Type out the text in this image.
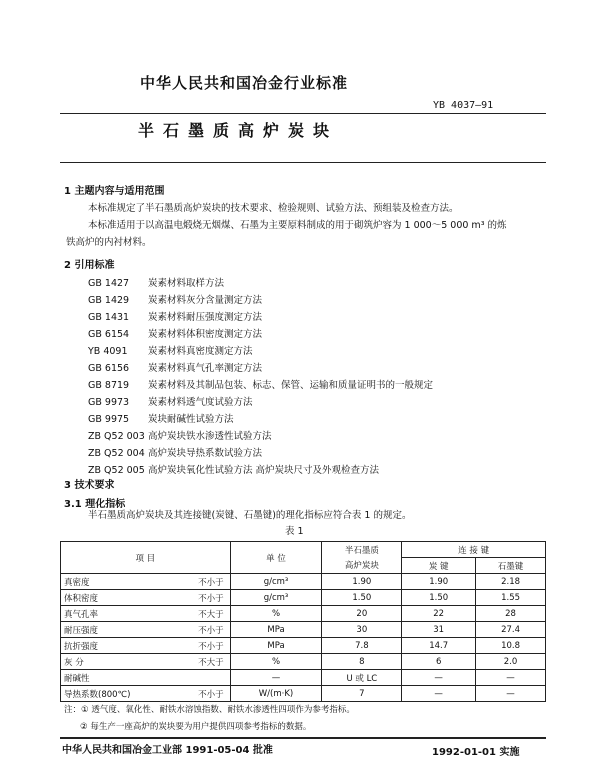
中华人民共和国冶金行业标准
YB 4037—91
半石墨质高炉炭块
1 主题内容与适用范围
本标准规定了半石墨质高炉炭块的技术要求、检验规则、试验方法、预组装及检查方法。
本标准适用于以高温电煅烧无烟煤、石墨为主要原料制成的用于砌筑炉容为 1 000～5 000 m³ 的炼
铁高炉的内衬材料。
2 引用标准
GB 1427 炭素材料取样方法
GB 1429 炭素材料灰分含量测定方法
GB 1431 炭素材料耐压强度测定方法
GB 6154 炭素材料体积密度测定方法
YB 4091 炭素材料真密度测定方法
GB 6156 炭素材料真气孔率测定方法
GB 8719 炭素材料及其制品包装、标志、保管、运输和质量证明书的一般规定
GB 9973 炭素材料透气度试验方法
GB 9975 炭块耐碱性试验方法
ZB Q52 003 高炉炭块铁水渗透性试验方法
ZB Q52 004 高炉炭块导热系数试验方法
ZB Q52 005 高炉炭块氧化性试验方法 高炉炭块尺寸及外观检查方法
3 技术要求
3.1 理化指标
半石墨质高炉炭块及其连接键(炭键、石墨键)的理化指标应符合表 1 的规定。
表 1
项 目		单 位	半石墨质	连 接 键	
			高炉炭块	炭 键	石墨键
真密度	不小于	g/cm³	1.90	1.90	2.18
体积密度	不小于	g/cm³	1.50	1.50	1.55
真气孔率	不大于	%	20	22	28
耐压强度	不小于	MPa	30	31	27.4
抗折强度	不小于	MPa	7.8	14.7	10.8
灰 分	不大于	%	8	6	2.0
耐碱性		—	U 或 LC	—	—
导热系数(800℃)	不小于	W/(m·K)	7	—	—
注：① 透气度、氧化性、耐铁水溶蚀指数、耐铁水渗透性四项作为参考指标。
② 每生产一座高炉的炭块要为用户提供四项参考指标的数据。
中华人民共和国冶金工业部 1991-05-04 批准	1992-01-01 实施
